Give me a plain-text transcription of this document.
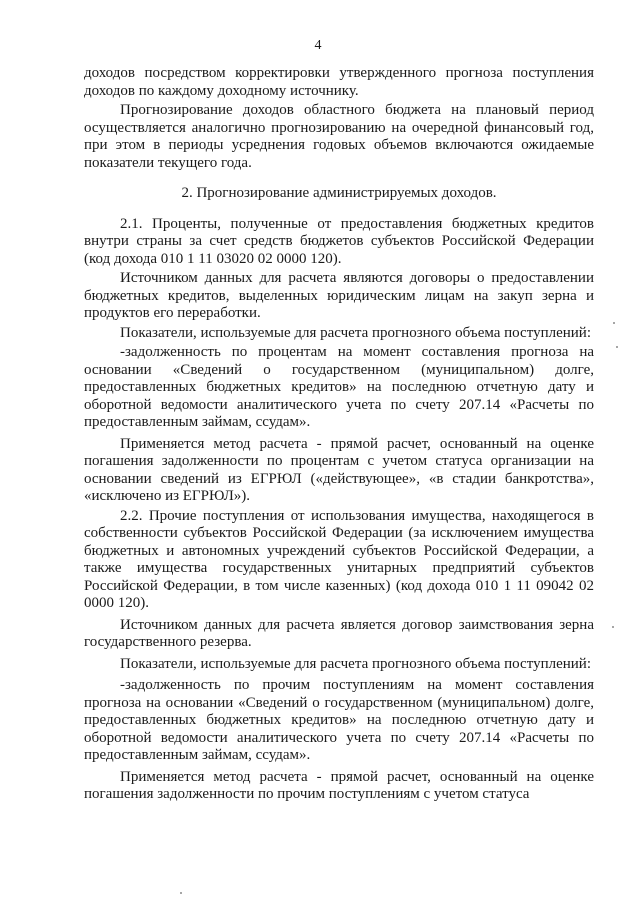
4

доходов посредством корректировки утвержденного прогноза поступления доходов по каждому доходному источнику.

Прогнозирование доходов областного бюджета на плановый период осуществляется аналогично прогнозированию на очередной финансовый год, при этом в периоды усреднения годовых объемов включаются ожидаемые показатели текущего года.

2. Прогнозирование администрируемых доходов.

2.1. Проценты, полученные от предоставления бюджетных кредитов внутри страны за счет средств бюджетов субъектов Российской Федерации (код дохода 010 1 11 03020 02 0000 120).

Источником данных для расчета являются договоры о предоставлении бюджетных кредитов, выделенных юридическим лицам на закуп зерна и продуктов его переработки.

Показатели, используемые для расчета прогнозного объема поступлений:

-задолженность по процентам на момент составления прогноза на основании «Сведений о государственном (муниципальном) долге, предоставленных бюджетных кредитов» на последнюю отчетную дату и оборотной ведомости аналитического учета по счету 207.14 «Расчеты по предоставленным займам, ссудам».

Применяется метод расчета - прямой расчет, основанный на оценке погашения задолженности по процентам с учетом статуса организации на основании сведений из ЕГРЮЛ («действующее», «в стадии банкротства», «исключено из ЕГРЮЛ»).

2.2. Прочие поступления от использования имущества, находящегося в собственности субъектов Российской Федерации (за исключением имущества бюджетных и автономных учреждений субъектов Российской Федерации, а также имущества государственных унитарных предприятий субъектов Российской Федерации, в том числе казенных) (код дохода 010 1 11 09042 02 0000 120).

Источником данных для расчета является договор заимствования зерна государственного резерва.

Показатели, используемые для расчета прогнозного объема поступлений:

-задолженность по прочим поступлениям на момент составления прогноза на основании «Сведений о государственном (муниципальном) долге, предоставленных бюджетных кредитов» на последнюю отчетную дату и оборотной ведомости аналитического учета по счету 207.14 «Расчеты по предоставленным займам, ссудам».

Применяется метод расчета - прямой расчет, основанный на оценке погашения задолженности по прочим поступлениям с учетом статуса
